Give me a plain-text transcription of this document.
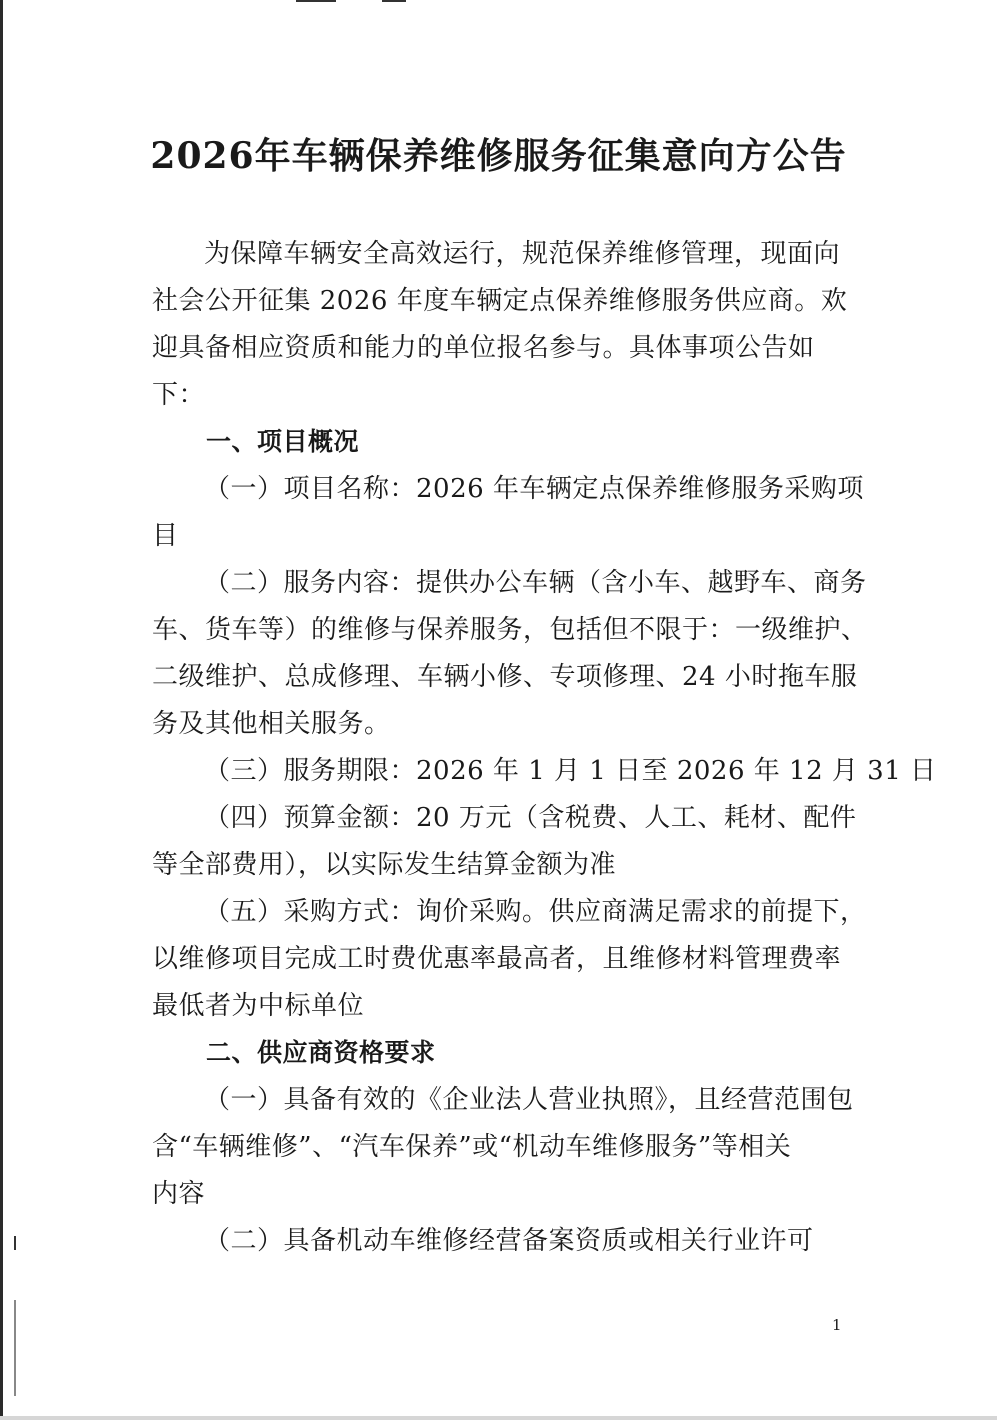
2026年车辆保养维修服务征集意向方公告
为保障车辆安全高效运行，规范保养维修管理，现面向
社会公开征集 2026 年度车辆定点保养维修服务供应商。欢
迎具备相应资质和能力的单位报名参与。具体事项公告如
下：
一、项目概况
（一）项目名称：2026 年车辆定点保养维修服务采购项
目
（二）服务内容：提供办公车辆（含小车、越野车、商务
车、货车等）的维修与保养服务，包括但不限于：一级维护、
二级维护、总成修理、车辆小修、专项修理、24 小时拖车服
务及其他相关服务。
（三）服务期限：2026 年 1 月 1 日至 2026 年 12 月 31 日
（四）预算金额：20 万元（含税费、人工、耗材、配件
等全部费用），以实际发生结算金额为准
（五）采购方式：询价采购。供应商满足需求的前提下，
以维修项目完成工时费优惠率最高者，且维修材料管理费率
最低者为中标单位
二、供应商资格要求
（一）具备有效的《企业法人营业执照》，且经营范围包
含“车辆维修”、“汽车保养”或“机动车维修服务”等相关
内容
（二）具备机动车维修经营备案资质或相关行业许可
1
